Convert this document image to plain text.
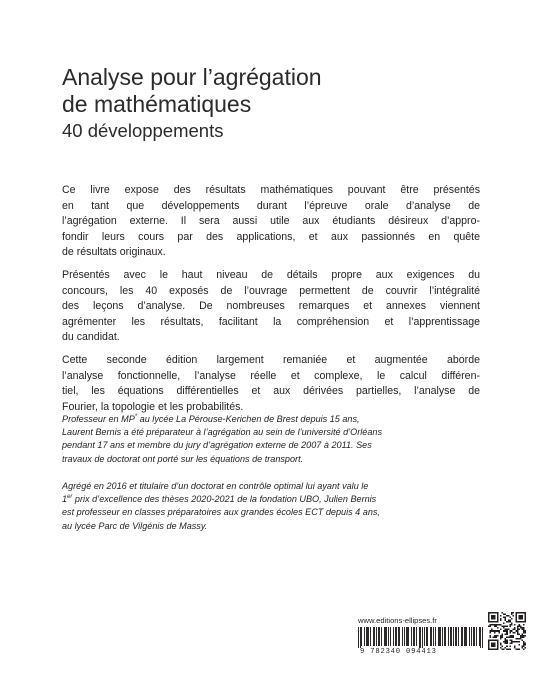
Analyse pour l’agrégation
de mathématiques
40 développements
Ce livre expose des résultats mathématiques pouvant être présentés
en tant que développements durant l’épreuve orale d’analyse de
l’agrégation externe. Il sera aussi utile aux étudiants désireux d’appro-
fondir leurs cours par des applications, et aux passionnés en quête
de résultats originaux.
Présentés avec le haut niveau de détails propre aux exigences du
concours, les 40 exposés de l’ouvrage permettent de couvrir l’intégralité
des leçons d’analyse. De nombreuses remarques et annexes viennent
agrémenter les résultats, facilitant la compréhension et l’apprentissage
du candidat.
Cette seconde édition largement remaniée et augmentée aborde
l’analyse fonctionnelle, l’analyse réelle et complexe, le calcul différen-
tiel, les équations différentielles et aux dérivées partielles, l’analyse de
Fourier, la topologie et les probabilités.
Professeur en MP* au lycée La Pérouse-Kerichen de Brest depuis 15 ans,
Laurent Bernis a été préparateur à l’agrégation au sein de l’université d’Orléans
pendant 17 ans et membre du jury d’agrégation externe de 2007 à 2011. Ses
travaux de doctorat ont porté sur les équations de transport.
Agrégé en 2016 et titulaire d’un doctorat en contrôle optimal lui ayant valu le
1er prix d’excellence des thèses 2020-2021 de la fondation UBO, Julien Bernis
est professeur en classes préparatoires aux grandes écoles ECT depuis 4 ans,
au lycée Parc de Vilgénis de Massy.
www.editions-ellipses.fr
9 782340 094413
